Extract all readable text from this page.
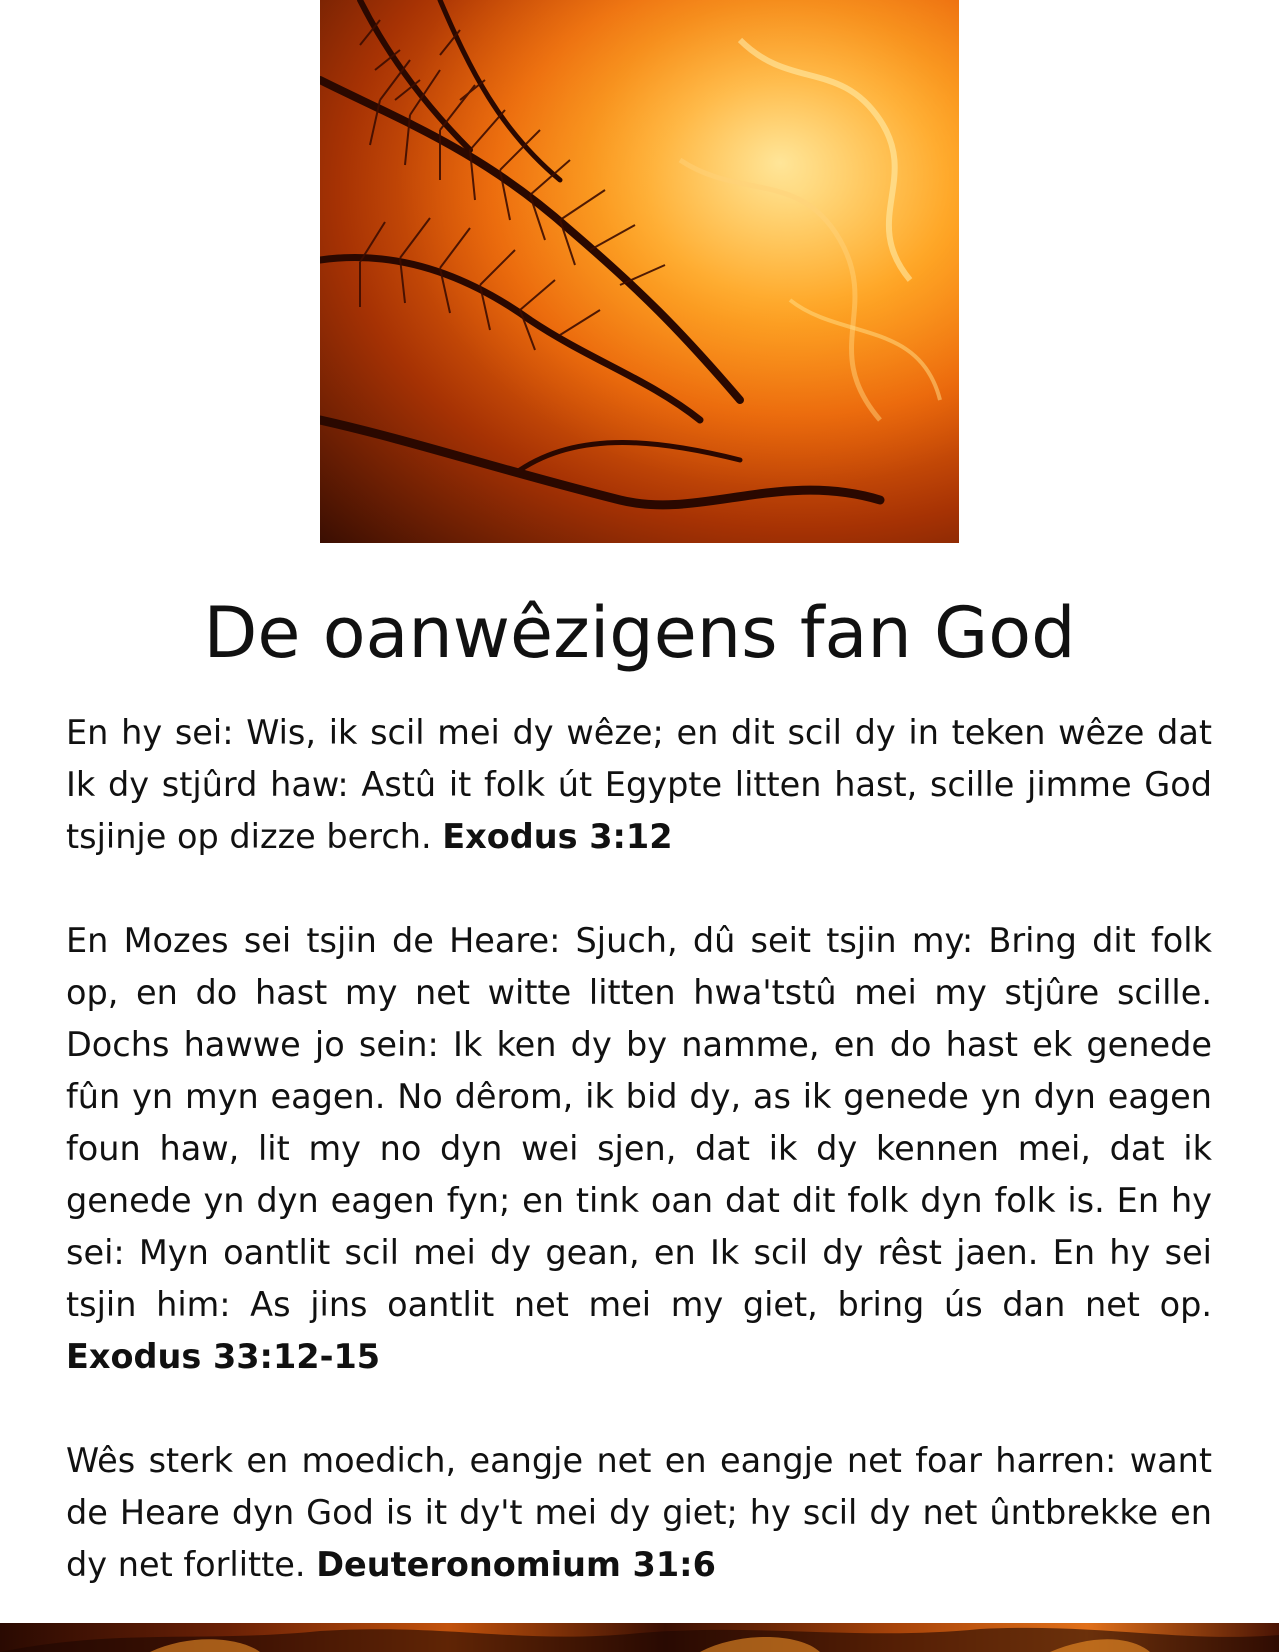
De oanwêzigens fan God

En hy sei: Wis, ik scil mei dy wêze; en dit scil dy in teken wêze dat Ik dy stjûrd haw: Astû it folk út Egypte litten hast, scille jimme God tsjinje op dizze berch. Exodus 3:12

En Mozes sei tsjin de Heare: Sjuch, dû seit tsjin my: Bring dit folk op, en do hast my net witte litten hwa'tstû mei my stjûre scille. Dochs hawwe jo sein: Ik ken dy by namme, en do hast ek genede fûn yn myn eagen. No dêrom, ik bid dy, as ik genede yn dyn eagen foun haw, lit my no dyn wei sjen, dat ik dy kennen mei, dat ik genede yn dyn eagen fyn; en tink oan dat dit folk dyn folk is. En hy sei: Myn oantlit scil mei dy gean, en Ik scil dy rêst jaen. En hy sei tsjin him: As jins oantlit net mei my giet, bring ús dan net op. Exodus 33:12-15

Wês sterk en moedich, eangje net en eangje net foar harren: want de Heare dyn God is it dy't mei dy giet; hy scil dy net ûntbrekke en dy net forlitte. Deuteronomium 31:6
